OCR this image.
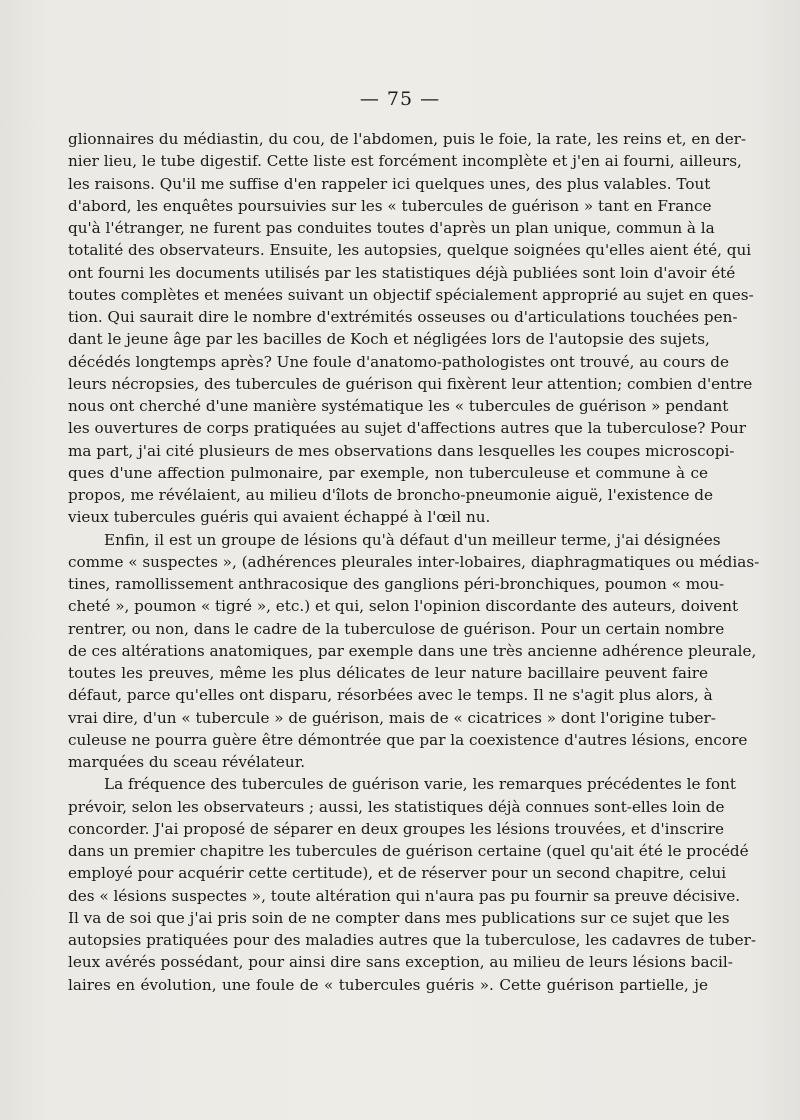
— 75 —
glionnaires du médiastin, du cou, de l'abdomen, puis le foie, la rate, les reins et, en der-
nier lieu, le tube digestif. Cette liste est forcément incomplète et j'en ai fourni, ailleurs,
les raisons. Qu'il me suffise d'en rappeler ici quelques unes, des plus valables. Tout
d'abord, les enquêtes poursuivies sur les « tubercules de guérison » tant en France
qu'à l'étranger, ne furent pas conduites toutes d'après un plan unique, commun à la
totalité des observateurs. Ensuite, les autopsies, quelque soignées qu'elles aient été, qui
ont fourni les documents utilisés par les statistiques déjà publiées sont loin d'avoir été
toutes complètes et menées suivant un objectif spécialement approprié au sujet en ques-
tion. Qui saurait dire le nombre d'extrémités osseuses ou d'articulations touchées pen-
dant le jeune âge par les bacilles de Koch et négligées lors de l'autopsie des sujets,
décédés longtemps après? Une foule d'anatomo-pathologistes ont trouvé, au cours de
leurs nécropsies, des tubercules de guérison qui fixèrent leur attention; combien d'entre
nous ont cherché d'une manière systématique les « tubercules de guérison » pendant
les ouvertures de corps pratiquées au sujet d'affections autres que la tuberculose? Pour
ma part, j'ai cité plusieurs de mes observations dans lesquelles les coupes microscopi-
ques d'une affection pulmonaire, par exemple, non tuberculeuse et commune à ce
propos, me révélaient, au milieu d'îlots de broncho-pneumonie aiguë, l'existence de
vieux tubercules guéris qui avaient échappé à l'œil nu.
Enfin, il est un groupe de lésions qu'à défaut d'un meilleur terme, j'ai désignées
comme « suspectes », (adhérences pleurales inter-lobaires, diaphragmatiques ou médias-
tines, ramollissement anthracosique des ganglions péri-bronchiques, poumon « mou-
cheté », poumon « tigré », etc.) et qui, selon l'opinion discordante des auteurs, doivent
rentrer, ou non, dans le cadre de la tuberculose de guérison. Pour un certain nombre
de ces altérations anatomiques, par exemple dans une très ancienne adhérence pleurale,
toutes les preuves, même les plus délicates de leur nature bacillaire peuvent faire
défaut, parce qu'elles ont disparu, résorbées avec le temps. Il ne s'agit plus alors, à
vrai dire, d'un « tubercule » de guérison, mais de « cicatrices » dont l'origine tuber-
culeuse ne pourra guère être démontrée que par la coexistence d'autres lésions, encore
marquées du sceau révélateur.
La fréquence des tubercules de guérison varie, les remarques précédentes le font
prévoir, selon les observateurs ; aussi, les statistiques déjà connues sont-elles loin de
concorder. J'ai proposé de séparer en deux groupes les lésions trouvées, et d'inscrire
dans un premier chapitre les tubercules de guérison certaine (quel qu'ait été le procédé
employé pour acquérir cette certitude), et de réserver pour un second chapitre, celui
des « lésions suspectes », toute altération qui n'aura pas pu fournir sa preuve décisive.
Il va de soi que j'ai pris soin de ne compter dans mes publications sur ce sujet que les
autopsies pratiquées pour des maladies autres que la tuberculose, les cadavres de tuber-
leux avérés possédant, pour ainsi dire sans exception, au milieu de leurs lésions bacil-
laires en évolution, une foule de « tubercules guéris ». Cette guérison partielle, je
